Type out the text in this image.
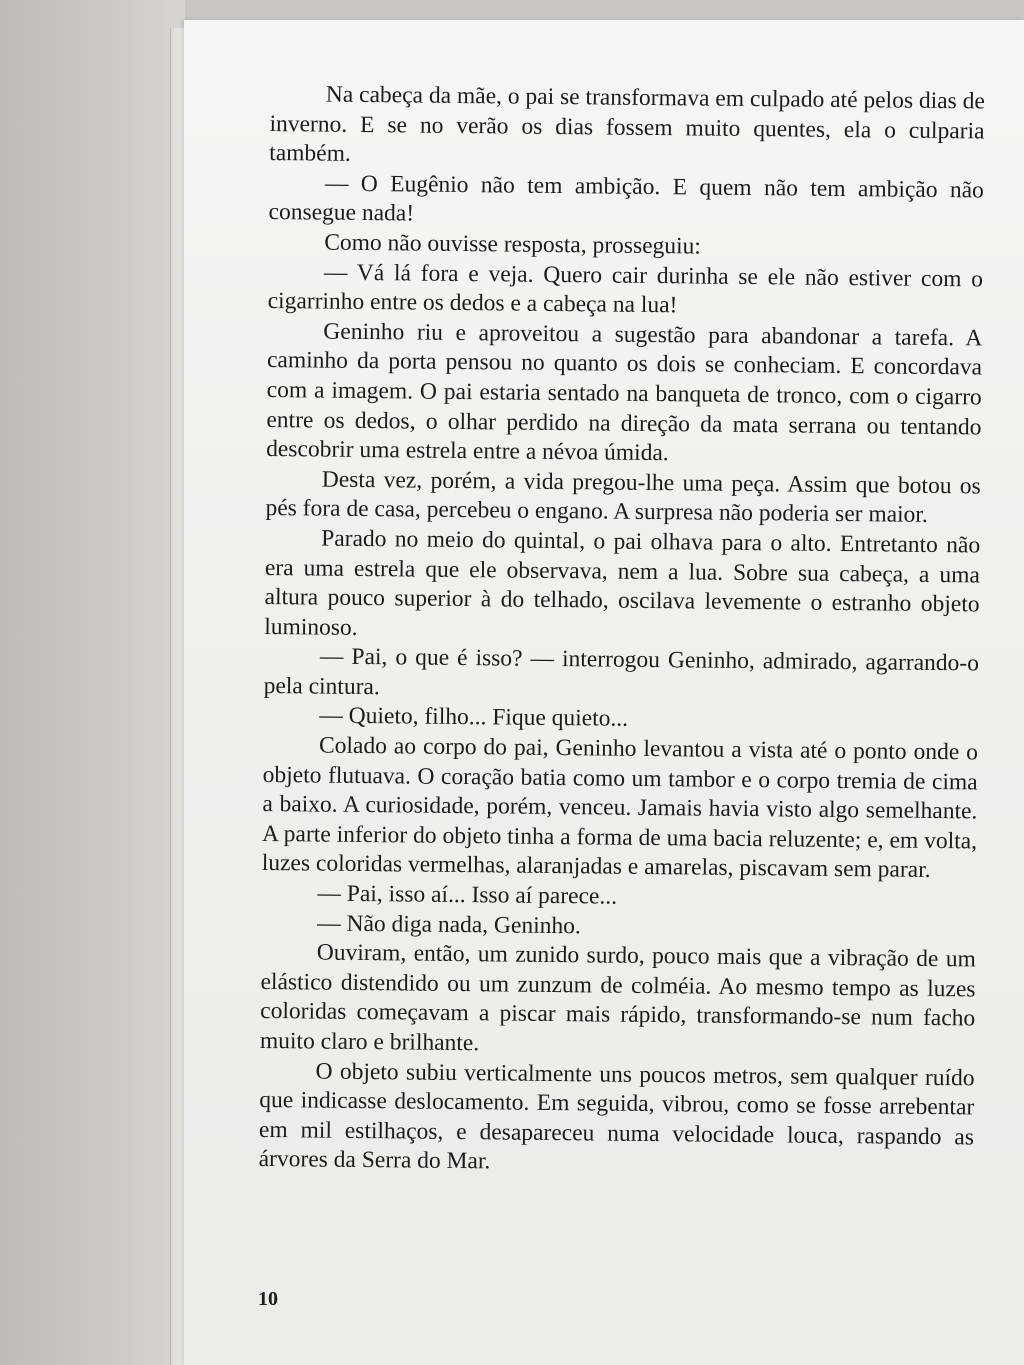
Na cabeça da mãe, o pai se transformava em culpado até pelos dias de inverno. E se no verão os dias fossem muito quentes, ela o culparia também.

— O Eugênio não tem ambição. E quem não tem ambição não consegue nada!

Como não ouvisse resposta, prosseguiu:

— Vá lá fora e veja. Quero cair durinha se ele não estiver com o cigarrinho entre os dedos e a cabeça na lua!

Geninho riu e aproveitou a sugestão para abandonar a tarefa. A caminho da porta pensou no quanto os dois se conheciam. E concordava com a imagem. O pai estaria sentado na banqueta de tronco, com o cigarro entre os dedos, o olhar perdido na direção da mata serrana ou tentando descobrir uma estrela entre a névoa úmida.

Desta vez, porém, a vida pregou-lhe uma peça. Assim que botou os pés fora de casa, percebeu o engano. A surpresa não poderia ser maior.

Parado no meio do quintal, o pai olhava para o alto. Entretanto não era uma estrela que ele observava, nem a lua. Sobre sua cabeça, a uma altura pouco superior à do telhado, oscilava levemente o estranho objeto luminoso.

— Pai, o que é isso? — interrogou Geninho, admirado, agarrando-o pela cintura.

— Quieto, filho... Fique quieto...

Colado ao corpo do pai, Geninho levantou a vista até o ponto onde o objeto flutuava. O coração batia como um tambor e o corpo tremia de cima a baixo. A curiosidade, porém, venceu. Jamais havia visto algo semelhante. A parte inferior do objeto tinha a forma de uma bacia reluzente; e, em volta, luzes coloridas vermelhas, alaranjadas e amarelas, piscavam sem parar.

— Pai, isso aí... Isso aí parece...

— Não diga nada, Geninho.

Ouviram, então, um zunido surdo, pouco mais que a vibração de um elástico distendido ou um zunzum de colméia. Ao mesmo tempo as luzes coloridas começavam a piscar mais rápido, transformando-se num facho muito claro e brilhante.

O objeto subiu verticalmente uns poucos metros, sem qualquer ruído que indicasse deslocamento. Em seguida, vibrou, como se fosse arrebentar em mil estilhaços, e desapareceu numa velocidade louca, raspando as árvores da Serra do Mar.

10
